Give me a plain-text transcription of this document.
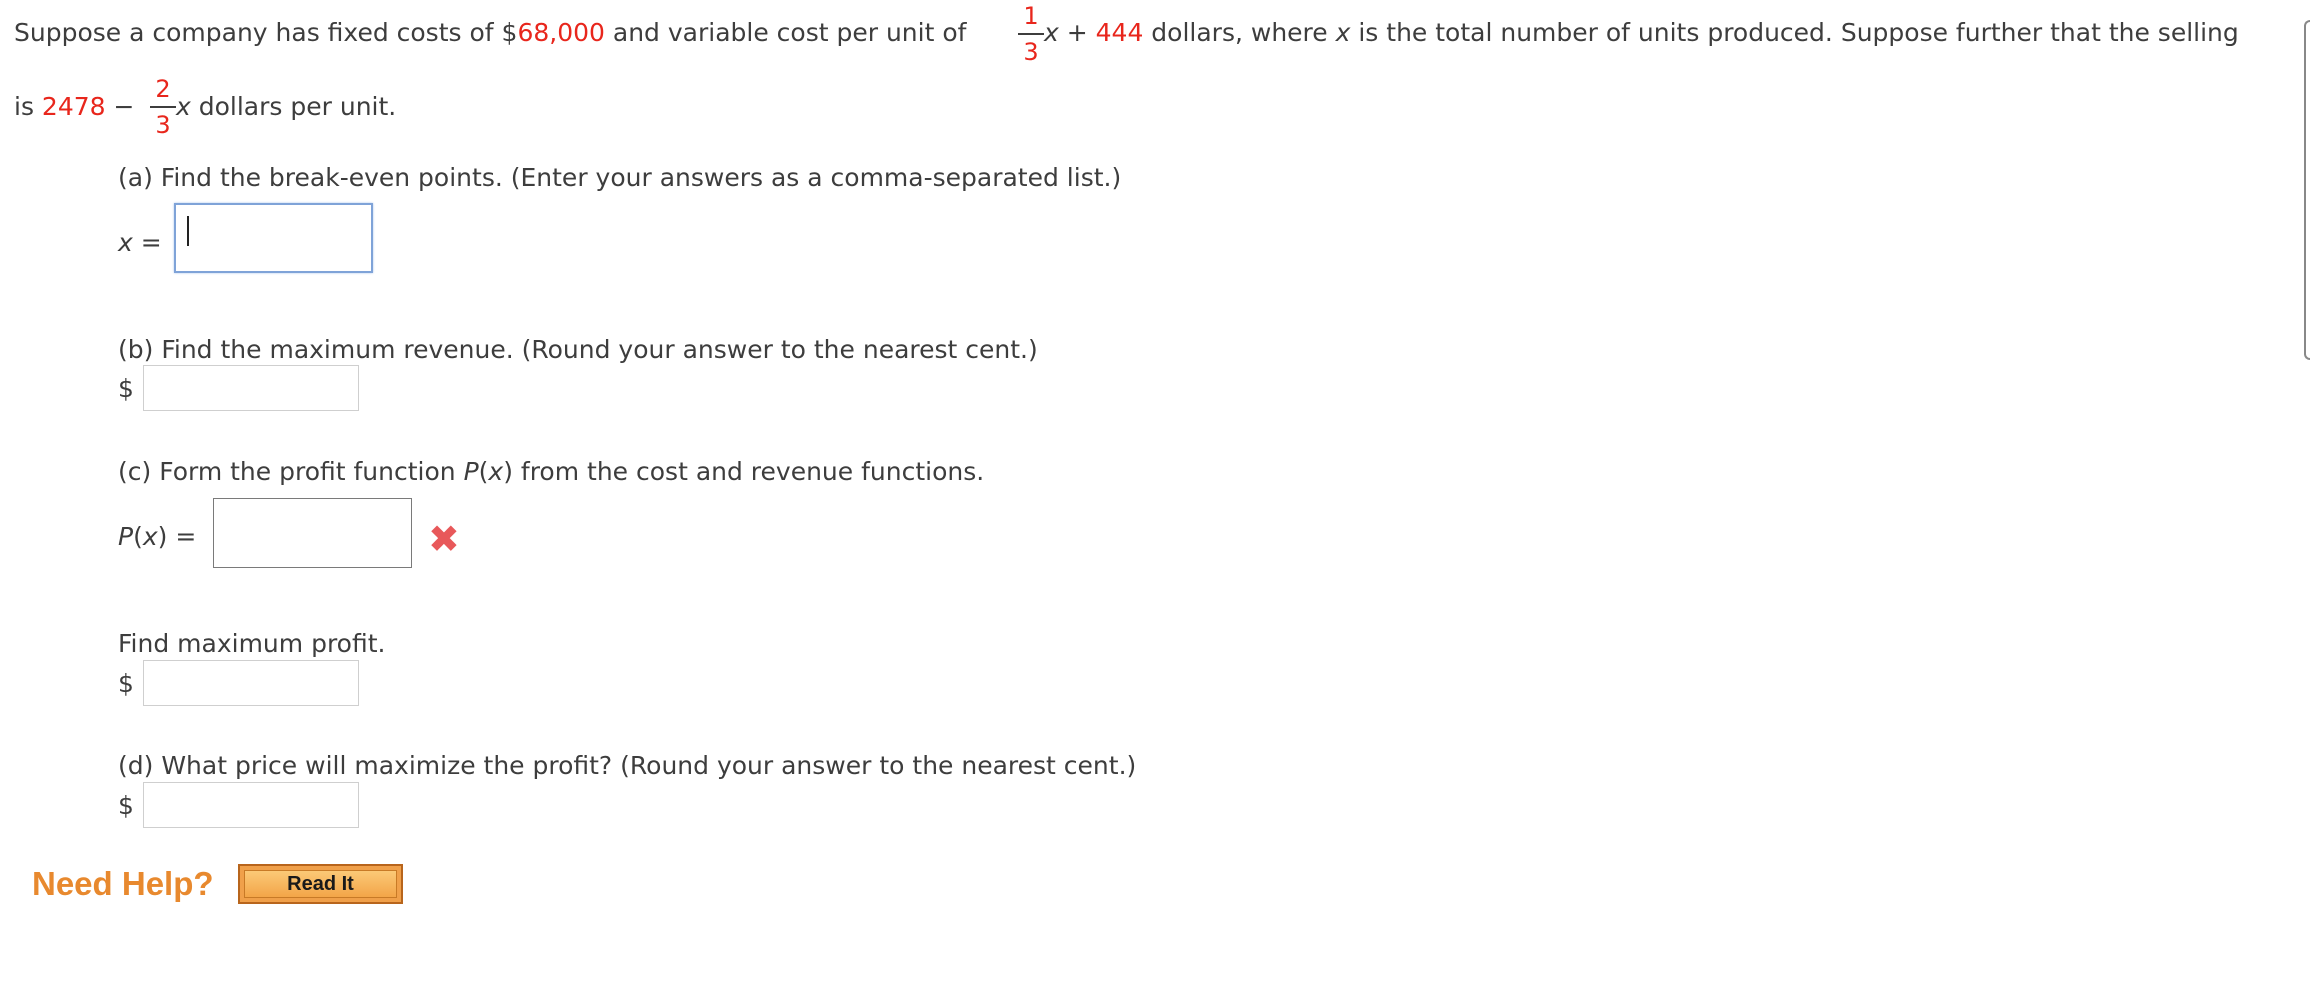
Suppose a company has fixed costs of $68,000 and variable cost per unit of
1
3
x + 444 dollars, where x is the total number of units produced. Suppose further that the selling
is 2478 −
2
3
x dollars per unit.
(a) Find the break-even points. (Enter your answers as a comma-separated list.)
x =
(b) Find the maximum revenue. (Round your answer to the nearest cent.)
$
(c) Form the profit function P(x) from the cost and revenue functions.
P(x) =	✖
Find maximum profit.
$
(d) What price will maximize the profit? (Round your answer to the nearest cent.)
$
Need Help?	Read It
